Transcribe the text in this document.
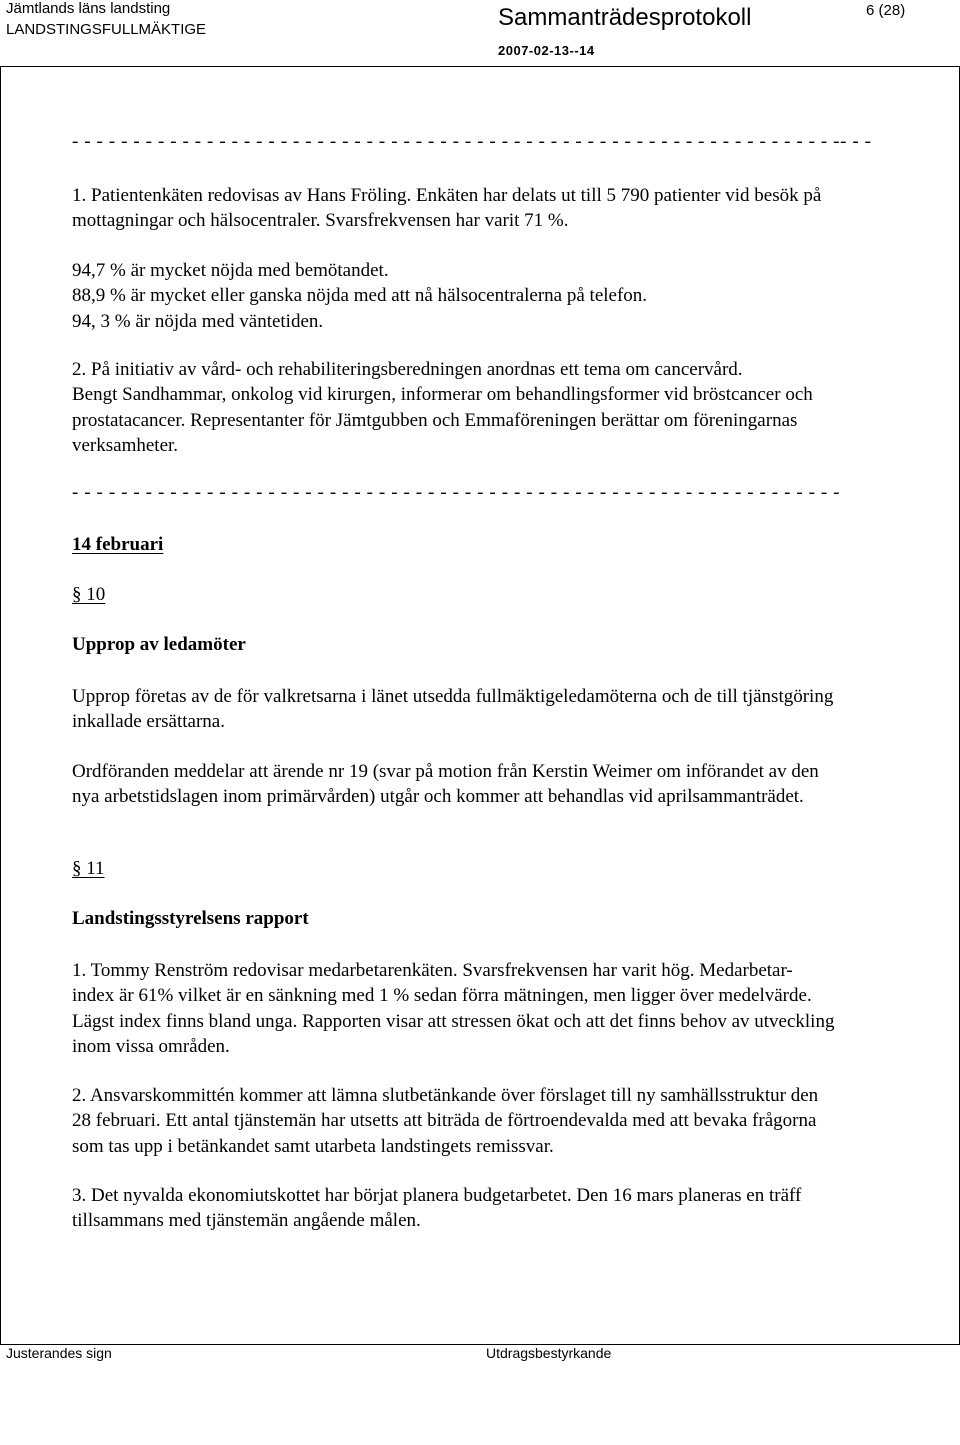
Jämtlands läns landsting
LANDSTINGSFULLMÄKTIGE	Sammanträdesprotokoll	6 (28)
2007-02-13--14
- - - - - - - - - - - - - - - - - - - - - - - - - - - - - - - - - - - - - - - - - - - - - - - - - - - - - - - - - - - - - - -- - -
1. Patientenkäten redovisas av Hans Fröling. Enkäten har delats ut till 5 790 patienter vid besök på
mottagningar och hälsocentraler. Svarsfrekvensen har varit 71 %.
94,7 % är mycket nöjda med bemötandet.
88,9 % är mycket eller ganska nöjda med att nå hälsocentralerna på telefon.
94, 3 % är nöjda med väntetiden.
2. På initiativ av vård- och rehabiliteringsberedningen anordnas ett tema om cancervård.
Bengt Sandhammar, onkolog vid kirurgen, informerar om behandlingsformer vid bröstcancer och
prostatacancer. Representanter för Jämtgubben och Emmaföreningen berättar om föreningarnas
verksamheter.
- - - - - - - - - - - - - - - - - - - - - - - - - - - - - - - - - - - - - - - - - - - - - - - - - - - - - - - - - - - - - - -
14 februari
§ 10
Upprop av ledamöter
Upprop företas av de för valkretsarna i länet utsedda fullmäktigeledamöterna och de till tjänstgöring
inkallade ersättarna.
Ordföranden meddelar att ärende nr 19 (svar på motion från Kerstin Weimer om införandet av den
nya arbetstidslagen inom primärvården) utgår och kommer att behandlas vid aprilsammanträdet.
§ 11
Landstingsstyrelsens rapport
1. Tommy Renström redovisar medarbetarenkäten. Svarsfrekvensen har varit hög. Medarbetar-
index är 61% vilket är en sänkning med 1 % sedan förra mätningen, men ligger över medelvärde.
Lägst index finns bland unga. Rapporten visar att stressen ökat och att det finns behov av utveckling
inom vissa områden.
2. Ansvarskommittén kommer att lämna slutbetänkande över förslaget till ny samhällsstruktur den
28 februari. Ett antal tjänstemän har utsetts att biträda de förtroendevalda med att bevaka frågorna
som tas upp i betänkandet samt utarbeta landstingets remissvar.
3. Det nyvalda ekonomiutskottet har börjat planera budgetarbetet. Den 16 mars planeras en träff
tillsammans med tjänstemän angående målen.
Justerandes sign	Utdragsbestyrkande
